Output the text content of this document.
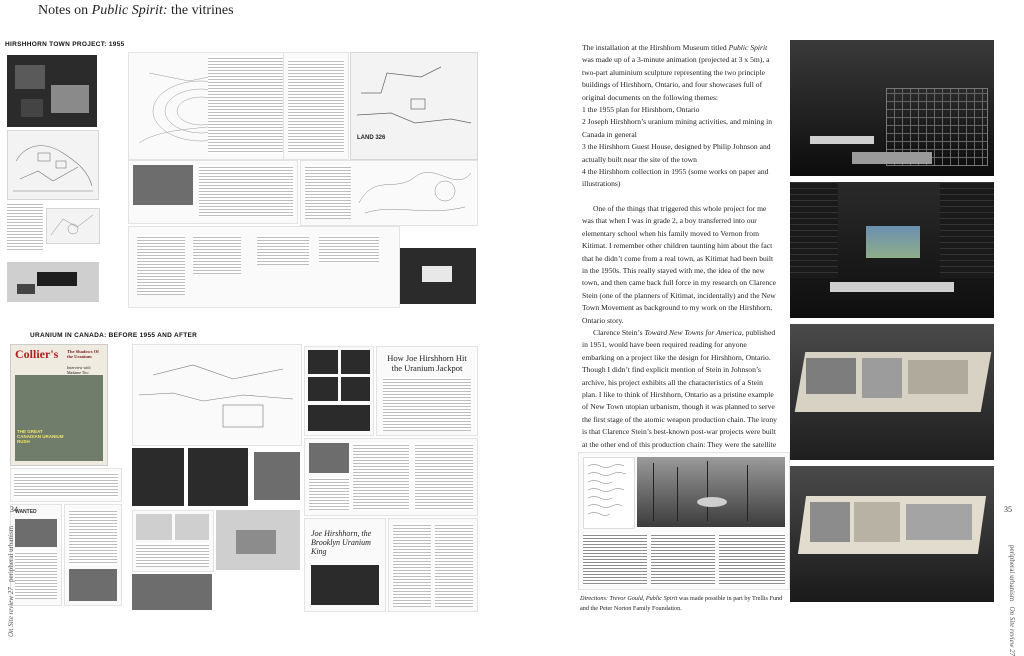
Notes on Public Spirit: the vitrines
HIRSHHORN TOWN PROJECT: 1955
LAND 326
URANIUM IN CANADA: BEFORE 1955 AND AFTER
Collier's The Shadows Of the Uranium
Interview with Madame Tito
THE GREAT CANADIAN URANIUM RUSH
WANTED
How Joe Hirshhorn Hit the Uranium Jackpot
Joe Hirshhorn, the Brooklyn Uranium King
34
On Site review 27   peripheral urbanism

The installation at the Hirshhorn Museum titled Public Spirit was made up of a 3-minute animation (projected at 3 x 5m), a two-part aluminium sculpture representing the two principle buildings of Hirshhorn, Ontario, and four showcases full of original documents on the following themes:

1 the 1955 plan for Hirshhorn, Ontario

2 Joseph Hirshhorn’s uranium mining activities, and mining in Canada in general

3 the Hirshhorn Guest House, designed by Philip Johnson and actually built near the site of the town

4 the Hirshhorn collection in 1955 (some works on paper and illustrations)

One of the things that triggered this whole project for me was that when I was in grade 2, a boy transferred into our elementary school when his family moved to Vernon from Kitimat. I remember other children taunting him about the fact that he didn’t come from a real town, as Kitimat had been built in the 1950s. This really stayed with me, the idea of the new town, and then came back full force in my research on Clarence Stein (one of the planners of Kitimat, incidentally) and the New Town Movement as background to my work on the Hirshhorn, Ontario story.

Clarence Stein’s Toward New Towns for America, published in 1951, would have been required reading for anyone embarking on a project like the design for Hirshhorn, Ontario. Though I didn’t find explicit mention of Stein in Johnson’s archive, his project exhibits all the characteristics of a Stein plan. I like to think of Hirshhorn, Ontario as a pristine example of New Town utopian urbanism, though it was planned to serve the first stage of the atomic weapon production chain. The irony is that Clarence Stein’s best-known post-war projects were built at the other end of this production chain: They were the satellite

Directions: Trevor Gould, Public Spirit was made possible in part by Trellis Fund and the Peter Norton Family Foundation.
35
peripheral urbanism   On Site review 27
